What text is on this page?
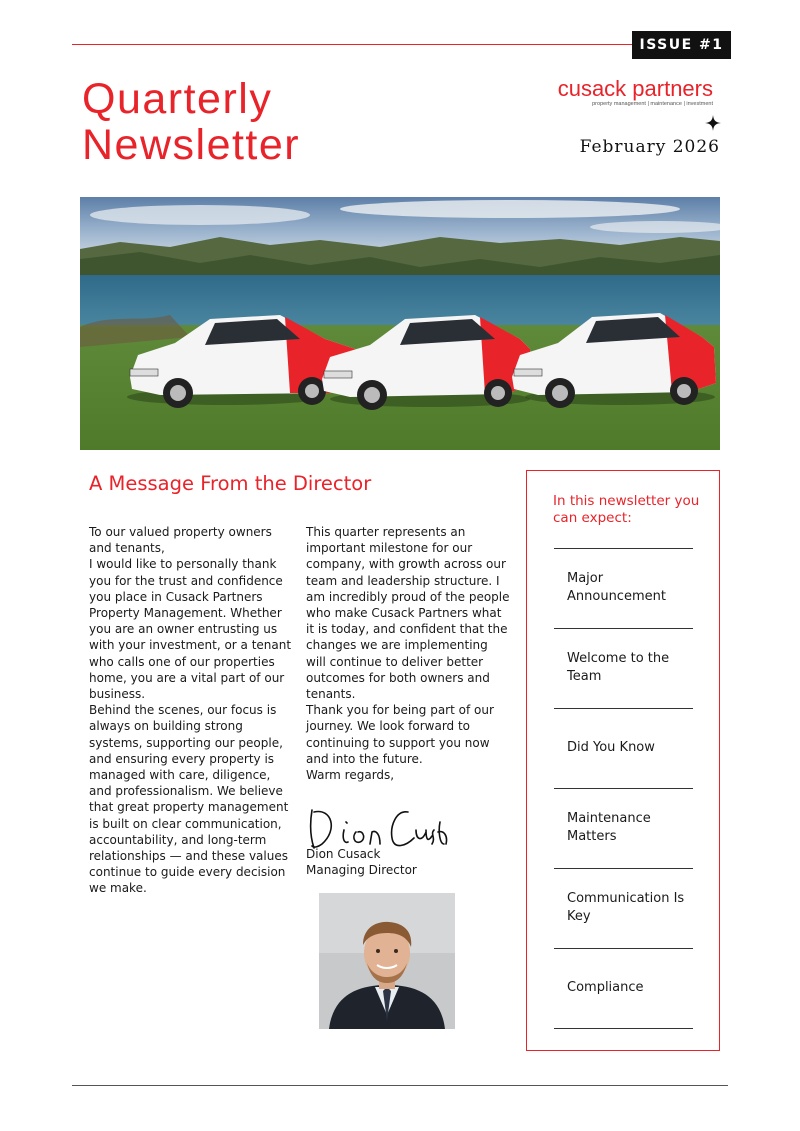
ISSUE #1
Quarterly
Newsletter
cusack partners
property management | maintenance | investment
February 2026
A Message From the Director

To our valued property owners and tenants,

I would like to personally thank you for the trust and confidence you place in Cusack Partners Property Management. Whether you are an owner entrusting us with your investment, or a tenant who calls one of our properties home, you are a vital part of our business.

Behind the scenes, our focus is always on building strong systems, supporting our people, and ensuring every property is managed with care, diligence, and professionalism. We believe that great property management is built on clear communication, accountability, and long-term relationships — and these values continue to guide every decision we make.

This quarter represents an important milestone for our company, with growth across our team and leadership structure. I am incredibly proud of the people who make Cusack Partners what it is today, and confident that the changes we are implementing will continue to deliver better outcomes for both owners and tenants.

Thank you for being part of our journey. We look forward to continuing to support you now and into the future.

Warm regards,

Dion Cusack
Managing Director
In this newsletter you can expect:
Major Announcement
Welcome to the Team
Did You Know
Maintenance Matters
Communication Is Key
Compliance
